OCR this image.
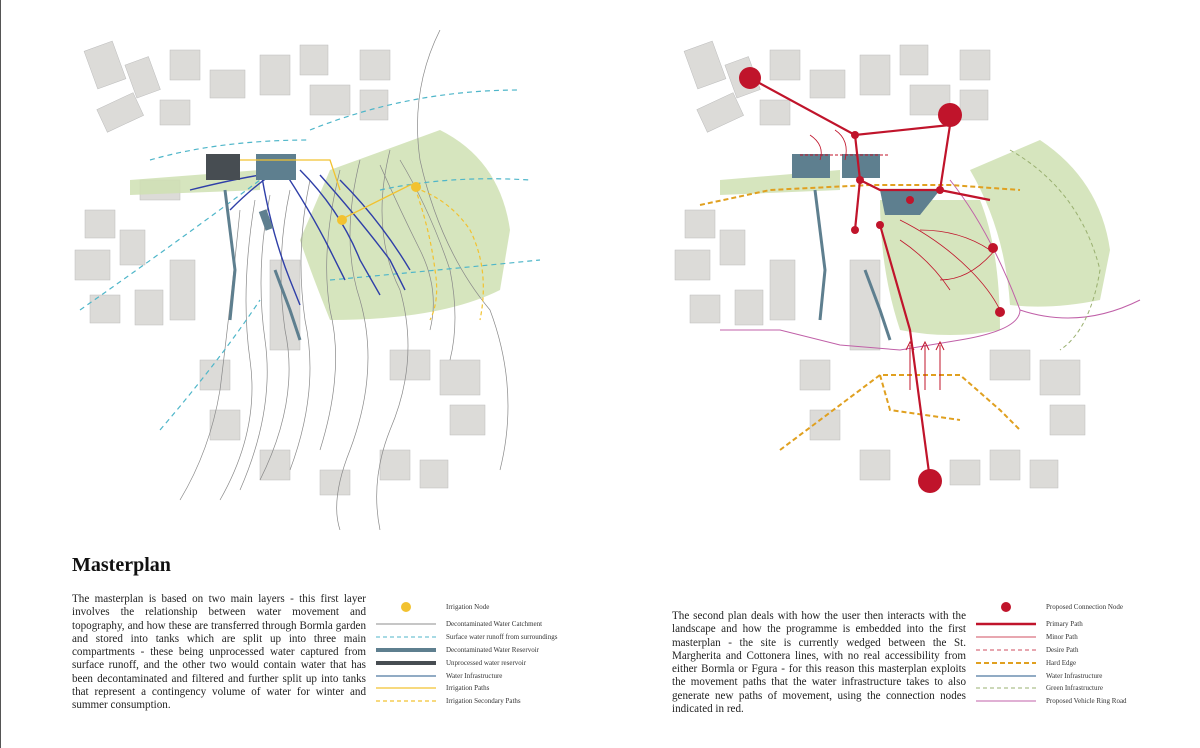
Masterplan
The masterplan is based on two main layers - this first layer involves the relationship between water movement and topography, and how these are transferred through Bormla garden and stored into tanks which are split up into three main compartments - these being unprocessed water captured from surface runoff, and the other two would contain water that has been decontaminated and filtered and further split up into tanks that represent a contingency volume of water for winter and summer consumption.
The second plan deals with how the user then interacts with the landscape and how the programme is embedded into the first masterplan - the site is currently wedged between the St. Margherita and Cottonera lines, with no real accessibility from either Bormla or Fgura - for this reason this masterplan exploits the movement paths that the water infrastructure takes to also generate new paths of movement, using the connection nodes indicated in red.
Irrigation Node
Decontaminated Water Catchment
Surface water runoff from surroundings
Decontaminated Water Reservoir
Unprocessed water reservoir
Water Infrastructure
Irrigation Paths
Irrigation Secondary Paths
Proposed Connection Node
Primary Path
Minor Path
Desire Path
Hard Edge
Water Infrastructure
Green Infrastructure
Proposed Vehicle Ring Road
